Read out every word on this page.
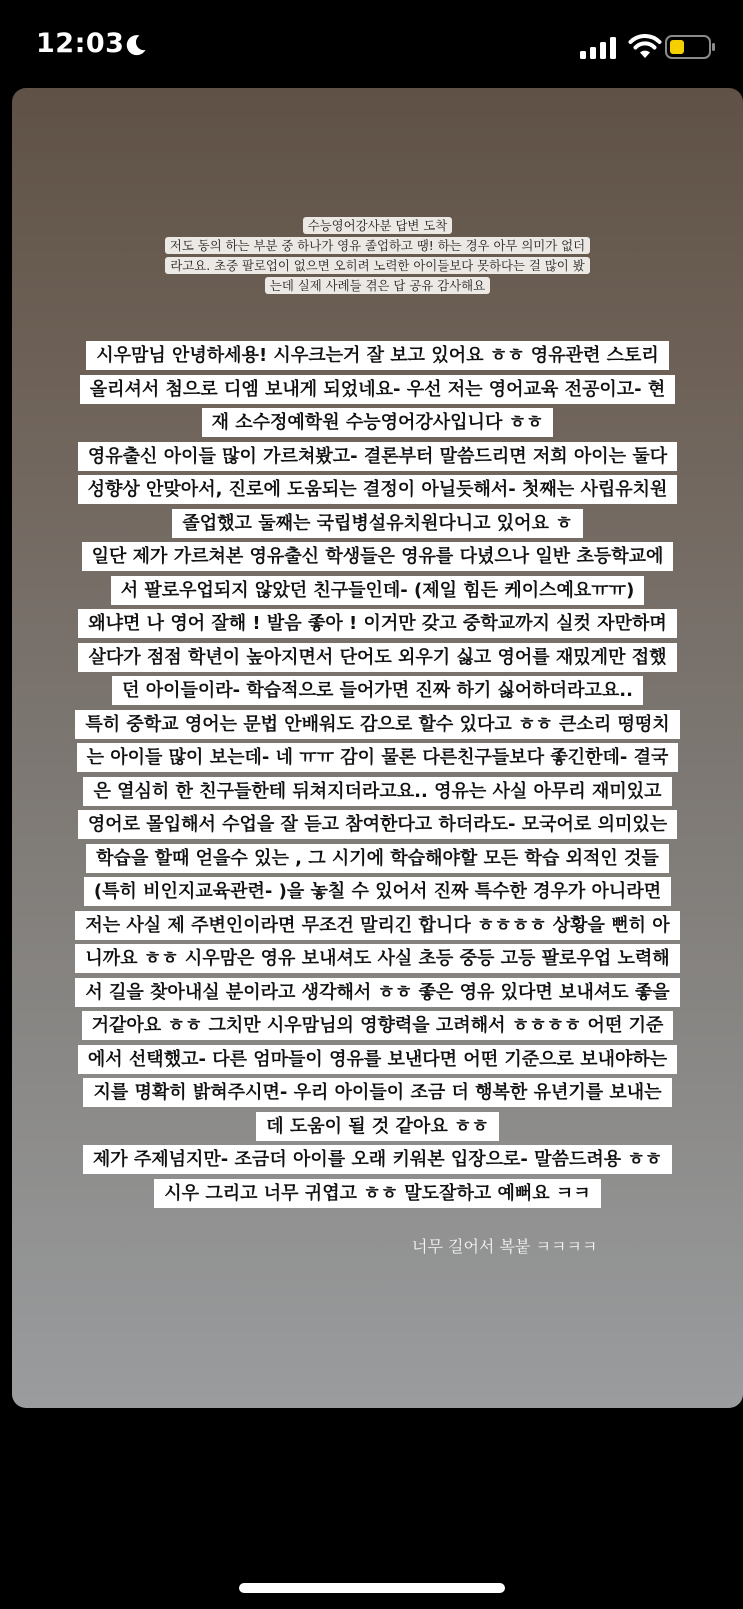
12:03
수능영어강사분 답변 도착
저도 동의 하는 부분 중 하나가 영유 졸업하고 땡! 하는 경우 아무 의미가 없더
라고요. 초중 팔로업이 없으면 오히려 노력한 아이들보다 못하다는 걸 많이 봤
는데 실제 사례들 겪은 답 공유 감사해요
시우맘님 안녕하세용! 시우크는거 잘 보고 있어요 ㅎㅎ 영유관련 스토리
올리셔서 첨으로 디엠 보내게 되었네요- 우선 저는 영어교육 전공이고- 현
재 소수정예학원 수능영어강사입니다 ㅎㅎ
영유출신 아이들 많이 가르쳐봤고- 결론부터 말씀드리면 저희 아이는 둘다
성향상 안맞아서, 진로에 도움되는 결정이 아닐듯해서- 첫째는 사립유치원
졸업했고 둘째는 국립병설유치원다니고 있어요 ㅎ
일단 제가 가르쳐본 영유출신 학생들은 영유를 다녔으나 일반 초등학교에
서 팔로우업되지 않았던 친구들인데- (제일 힘든 케이스예요ㅠㅠ)
왜냐면 나 영어 잘해 ! 발음 좋아 ! 이거만 갖고 중학교까지 실컷 자만하며
살다가 점점 학년이 높아지면서 단어도 외우기 싫고 영어를 재밌게만 접했
던 아이들이라- 학습적으로 들어가면 진짜 하기 싫어하더라고요..
특히 중학교 영어는 문법 안배워도 감으로 할수 있다고 ㅎㅎ 큰소리 떵떵치
는 아이들 많이 보는데- 네 ㅠㅠ 감이 물론 다른친구들보다 좋긴한데- 결국
은 열심히 한 친구들한테 뒤쳐지더라고요.. 영유는 사실 아무리 재미있고
영어로 몰입해서 수업을 잘 듣고 참여한다고 하더라도- 모국어로 의미있는
학습을 할때 얻을수 있는 , 그 시기에 학습해야할 모든 학습 외적인 것들
(특히 비인지교육관련- )을 놓칠 수 있어서 진짜 특수한 경우가 아니라면
저는 사실 제 주변인이라면 무조건 말리긴 합니다 ㅎㅎㅎㅎ 상황을 뻔히 아
니까요 ㅎㅎ 시우맘은 영유 보내셔도 사실 초등 중등 고등 팔로우업 노력해
서 길을 찾아내실 분이라고 생각해서 ㅎㅎ 좋은 영유 있다면 보내셔도 좋을
거같아요 ㅎㅎ 그치만 시우맘님의 영향력을 고려해서 ㅎㅎㅎㅎ 어떤 기준
에서 선택했고- 다른 엄마들이 영유를 보낸다면 어떤 기준으로 보내야하는
지를 명확히 밝혀주시면- 우리 아이들이 조금 더 행복한 유년기를 보내는
데 도움이 될 것 같아요 ㅎㅎ
제가 주제넘지만- 조금더 아이를 오래 키워본 입장으로- 말씀드려용 ㅎㅎ
시우 그리고 너무 귀엽고 ㅎㅎ 말도잘하고 예뻐요 ㅋㅋ
너무 길어서 복붙 ㅋㅋㅋㅋ
